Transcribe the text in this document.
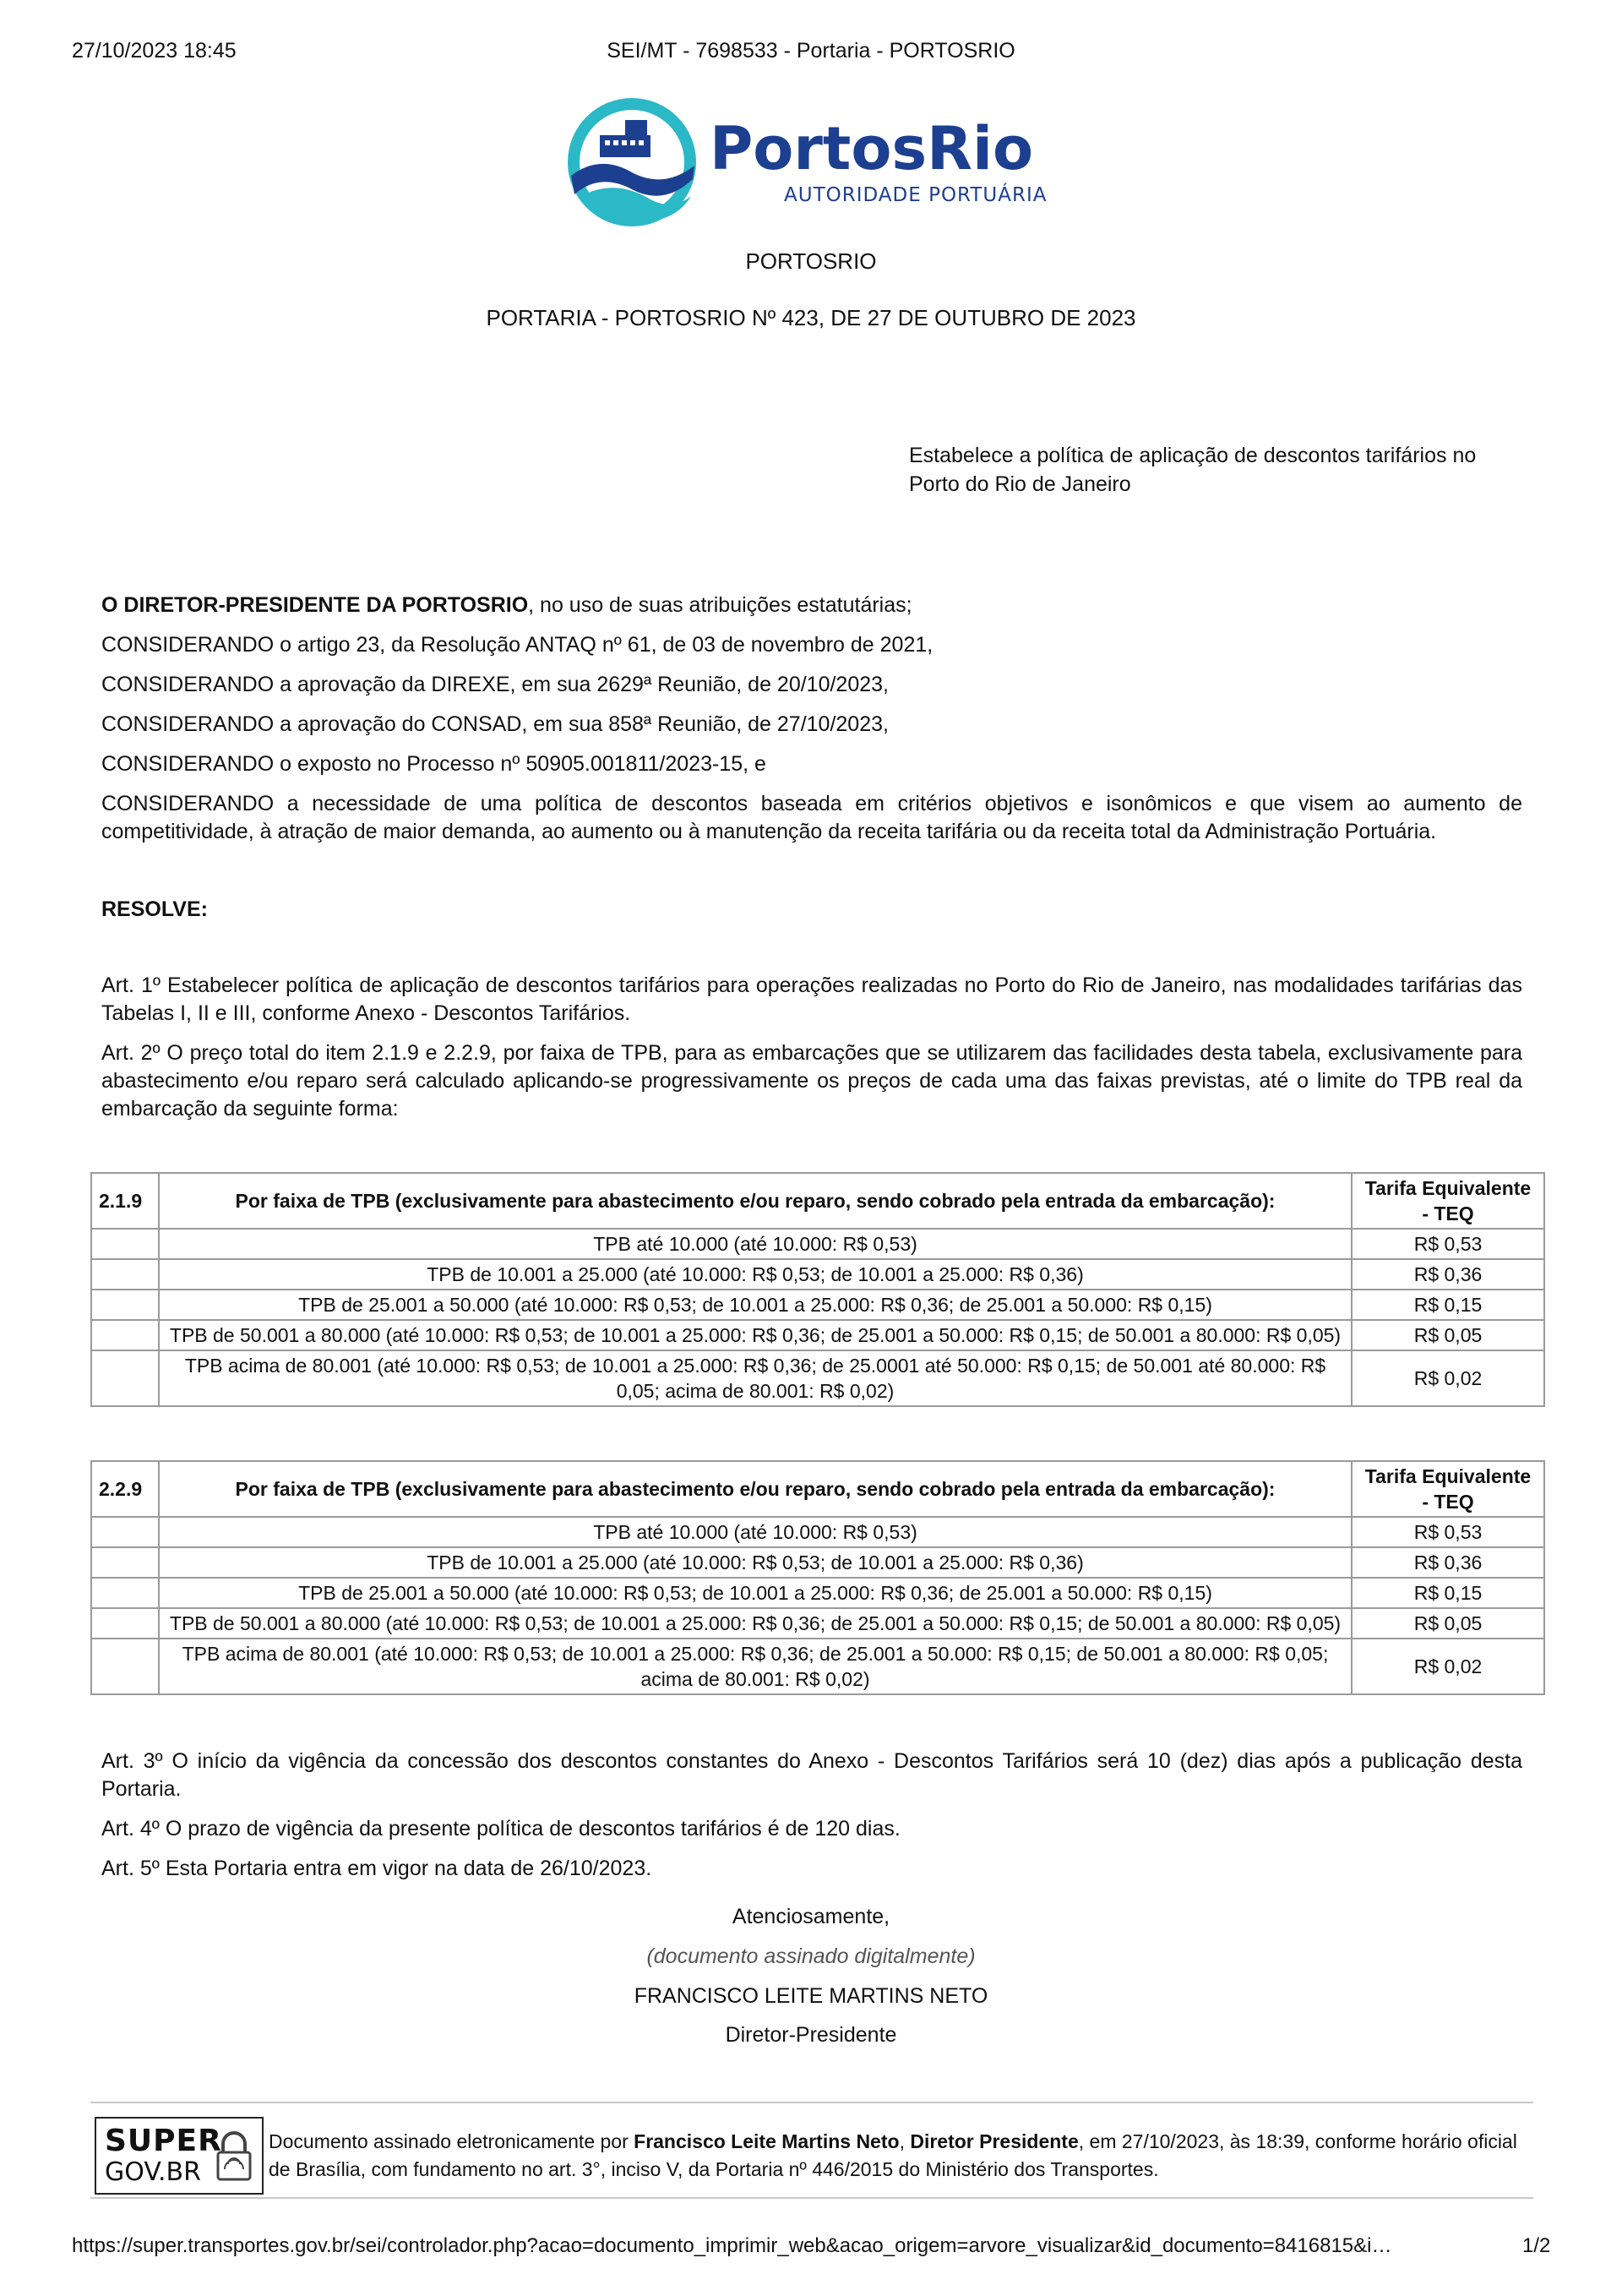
27/10/2023 18:45	SEI/MT - 7698533 - Portaria - PORTOSRIO
PortosRio
AUTORIDADE PORTUÁRIA
PORTOSRIO
PORTARIA - PORTOSRIO Nº 423, DE 27 DE OUTUBRO DE 2023
Estabelece a política de aplicação de descontos tarifários no Porto do Rio de Janeiro

O DIRETOR-PRESIDENTE DA PORTOSRIO, no uso de suas atribuições estatutárias;

CONSIDERANDO o artigo 23, da Resolução ANTAQ nº 61, de 03 de novembro de 2021,

CONSIDERANDO a aprovação da DIREXE, em sua 2629ª Reunião, de 20/10/2023,

CONSIDERANDO a aprovação do CONSAD, em sua 858ª Reunião, de 27/10/2023,

CONSIDERANDO o exposto no Processo nº 50905.001811/2023-15, e

CONSIDERANDO a necessidade de uma política de descontos baseada em critérios objetivos e isonômicos e que visem ao aumento de competitividade, à atração de maior demanda, ao aumento ou à manutenção da receita tarifária ou da receita total da Administração Portuária.

RESOLVE:

Art. 1º Estabelecer política de aplicação de descontos tarifários para operações realizadas no Porto do Rio de Janeiro, nas modalidades tarifárias das Tabelas I, II e III, conforme Anexo - Descontos Tarifários.

Art. 2º O preço total do item 2.1.9 e 2.2.9, por faixa de TPB, para as embarcações que se utilizarem das facilidades desta tabela, exclusivamente para abastecimento e/ou reparo será calculado aplicando-se progressivamente os preços de cada uma das faixas previstas, até o limite do TPB real da embarcação da seguinte forma:

2.1.9	Por faixa de TPB (exclusivamente para abastecimento e/ou reparo, sendo cobrado pela entrada da embarcação):	Tarifa Equivalente - TEQ
	TPB até 10.000 (até 10.000: R$ 0,53)	R$ 0,53
	TPB de 10.001 a 25.000 (até 10.000: R$ 0,53; de 10.001 a 25.000: R$ 0,36)	R$ 0,36
	TPB de 25.001 a 50.000 (até 10.000: R$ 0,53; de 10.001 a 25.000: R$ 0,36; de 25.001 a 50.000: R$ 0,15)	R$ 0,15
	TPB de 50.001 a 80.000 (até 10.000: R$ 0,53; de 10.001 a 25.000: R$ 0,36; de 25.001 a 50.000: R$ 0,15; de 50.001 a 80.000: R$ 0,05)	R$ 0,05
	TPB acima de 80.001 (até 10.000: R$ 0,53; de 10.001 a 25.000: R$ 0,36; de 25.0001 até 50.000: R$ 0,15; de 50.001 até 80.000: R$ 0,05; acima de 80.001: R$ 0,02)	R$ 0,02
2.2.9	Por faixa de TPB (exclusivamente para abastecimento e/ou reparo, sendo cobrado pela entrada da embarcação):	Tarifa Equivalente - TEQ
	TPB até 10.000 (até 10.000: R$ 0,53)	R$ 0,53
	TPB de 10.001 a 25.000 (até 10.000: R$ 0,53; de 10.001 a 25.000: R$ 0,36)	R$ 0,36
	TPB de 25.001 a 50.000 (até 10.000: R$ 0,53; de 10.001 a 25.000: R$ 0,36; de 25.001 a 50.000: R$ 0,15)	R$ 0,15
	TPB de 50.001 a 80.000 (até 10.000: R$ 0,53; de 10.001 a 25.000: R$ 0,36; de 25.001 a 50.000: R$ 0,15; de 50.001 a 80.000: R$ 0,05)	R$ 0,05
	TPB acima de 80.001 (até 10.000: R$ 0,53; de 10.001 a 25.000: R$ 0,36; de 25.001 a 50.000: R$ 0,15; de 50.001 a 80.000: R$ 0,05; acima de 80.001: R$ 0,02)	R$ 0,02

Art. 3º O início da vigência da concessão dos descontos constantes do Anexo - Descontos Tarifários será 10 (dez) dias após a publicação desta Portaria.

Art. 4º O prazo de vigência da presente política de descontos tarifários é de 120 dias.

Art. 5º Esta Portaria entra em vigor na data de 26/10/2023.

Atenciosamente,
(documento assinado digitalmente)
FRANCISCO LEITE MARTINS NETO
Diretor-Presidente
SUPER
GOV.BR
Documento assinado eletronicamente por Francisco Leite Martins Neto, Diretor Presidente, em 27/10/2023, às 18:39, conforme horário oficial de Brasília, com fundamento no art. 3°, inciso V, da Portaria nº 446/2015 do Ministério dos Transportes.
https://super.transportes.gov.br/sei/controlador.php?acao=documento_imprimir_web&acao_origem=arvore_visualizar&id_documento=8416815&i…	1/2
